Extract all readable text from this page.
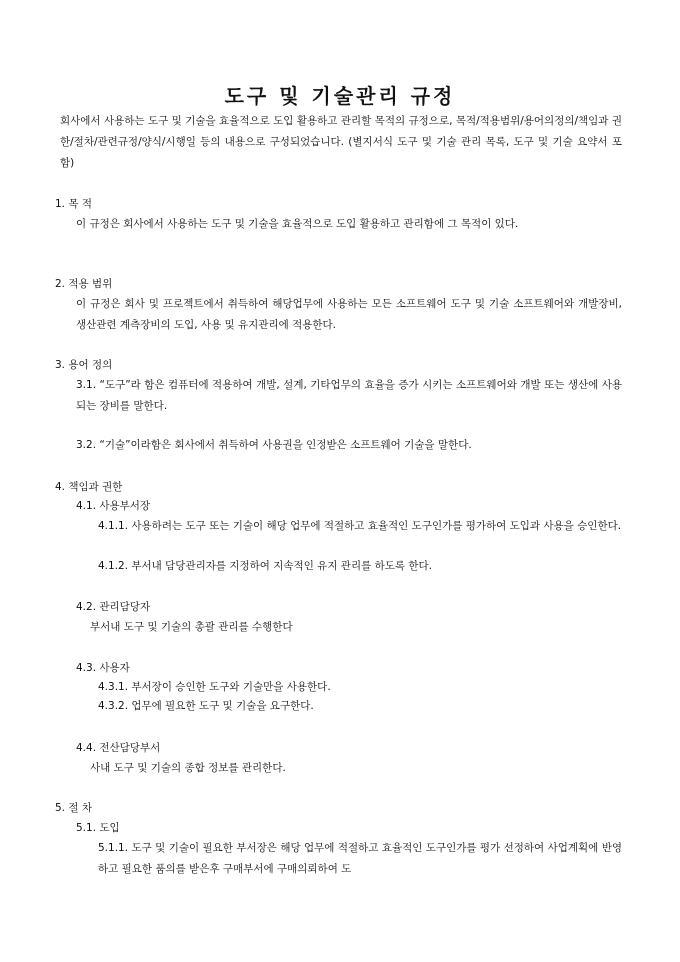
도구 및 기술관리 규정
회사에서 사용하는 도구 및 기술을 효율적으로 도입 활용하고 관리할 목적의 규정으로, 목적/적용범위/용어의정의/책임과 권한/절차/관련규정/양식/시행일 등의 내용으로 구성되었습니다. (별지서식 도구 및 기술 관리 목록, 도구 및 기술 요약서 포함)
1. 목 적
이 규정은 회사에서 사용하는 도구 및 기술을 효율적으로 도입 활용하고 관리함에 그 목적이 있다.
2. 적용 범위
이 규정은 회사 및 프로젝트에서 취득하여 해당업무에 사용하는 모든 소프트웨어 도구 및 기술 소프트웨어와 개발장비, 생산관련 계측장비의 도입, 사용 및 유지관리에 적용한다.
3. 용어 정의
3.1. “도구”라 함은 컴퓨터에 적용하여 개발, 설계, 기타업무의 효율을 증가 시키는 소프트웨어와 개발 또는 생산에 사용되는 장비를 말한다.
3.2. “기술”이라함은 회사에서 취득하여 사용권을 인정받은 소프트웨어 기술을 말한다.
4. 책임과 권한
4.1. 사용부서장
4.1.1. 사용하려는 도구 또는 기술이 해당 업무에 적절하고 효율적인 도구인가를 평가하여 도입과 사용을 승인한다.
4.1.2. 부서내 담당관리자를 지정하여 지속적인 유지 관리를 하도록 한다.
4.2. 관리담당자
부서내 도구 및 기술의 총괄 관리를 수행한다
4.3. 사용자
4.3.1. 부서장이 승인한 도구와 기술만을 사용한다.
4.3.2. 업무에 필요한 도구 및 기술을 요구한다.
4.4. 전산담당부서
사내 도구 및 기술의 종합 정보를 관리한다.
5. 절 차
5.1. 도입
5.1.1. 도구 및 기술이 필요한 부서장은 해당 업무에 적절하고 효율적인 도구인가를 평가 선정하여 사업계획에 반영하고 필요한 품의를 받은후 구매부서에 구매의뢰하여 도
